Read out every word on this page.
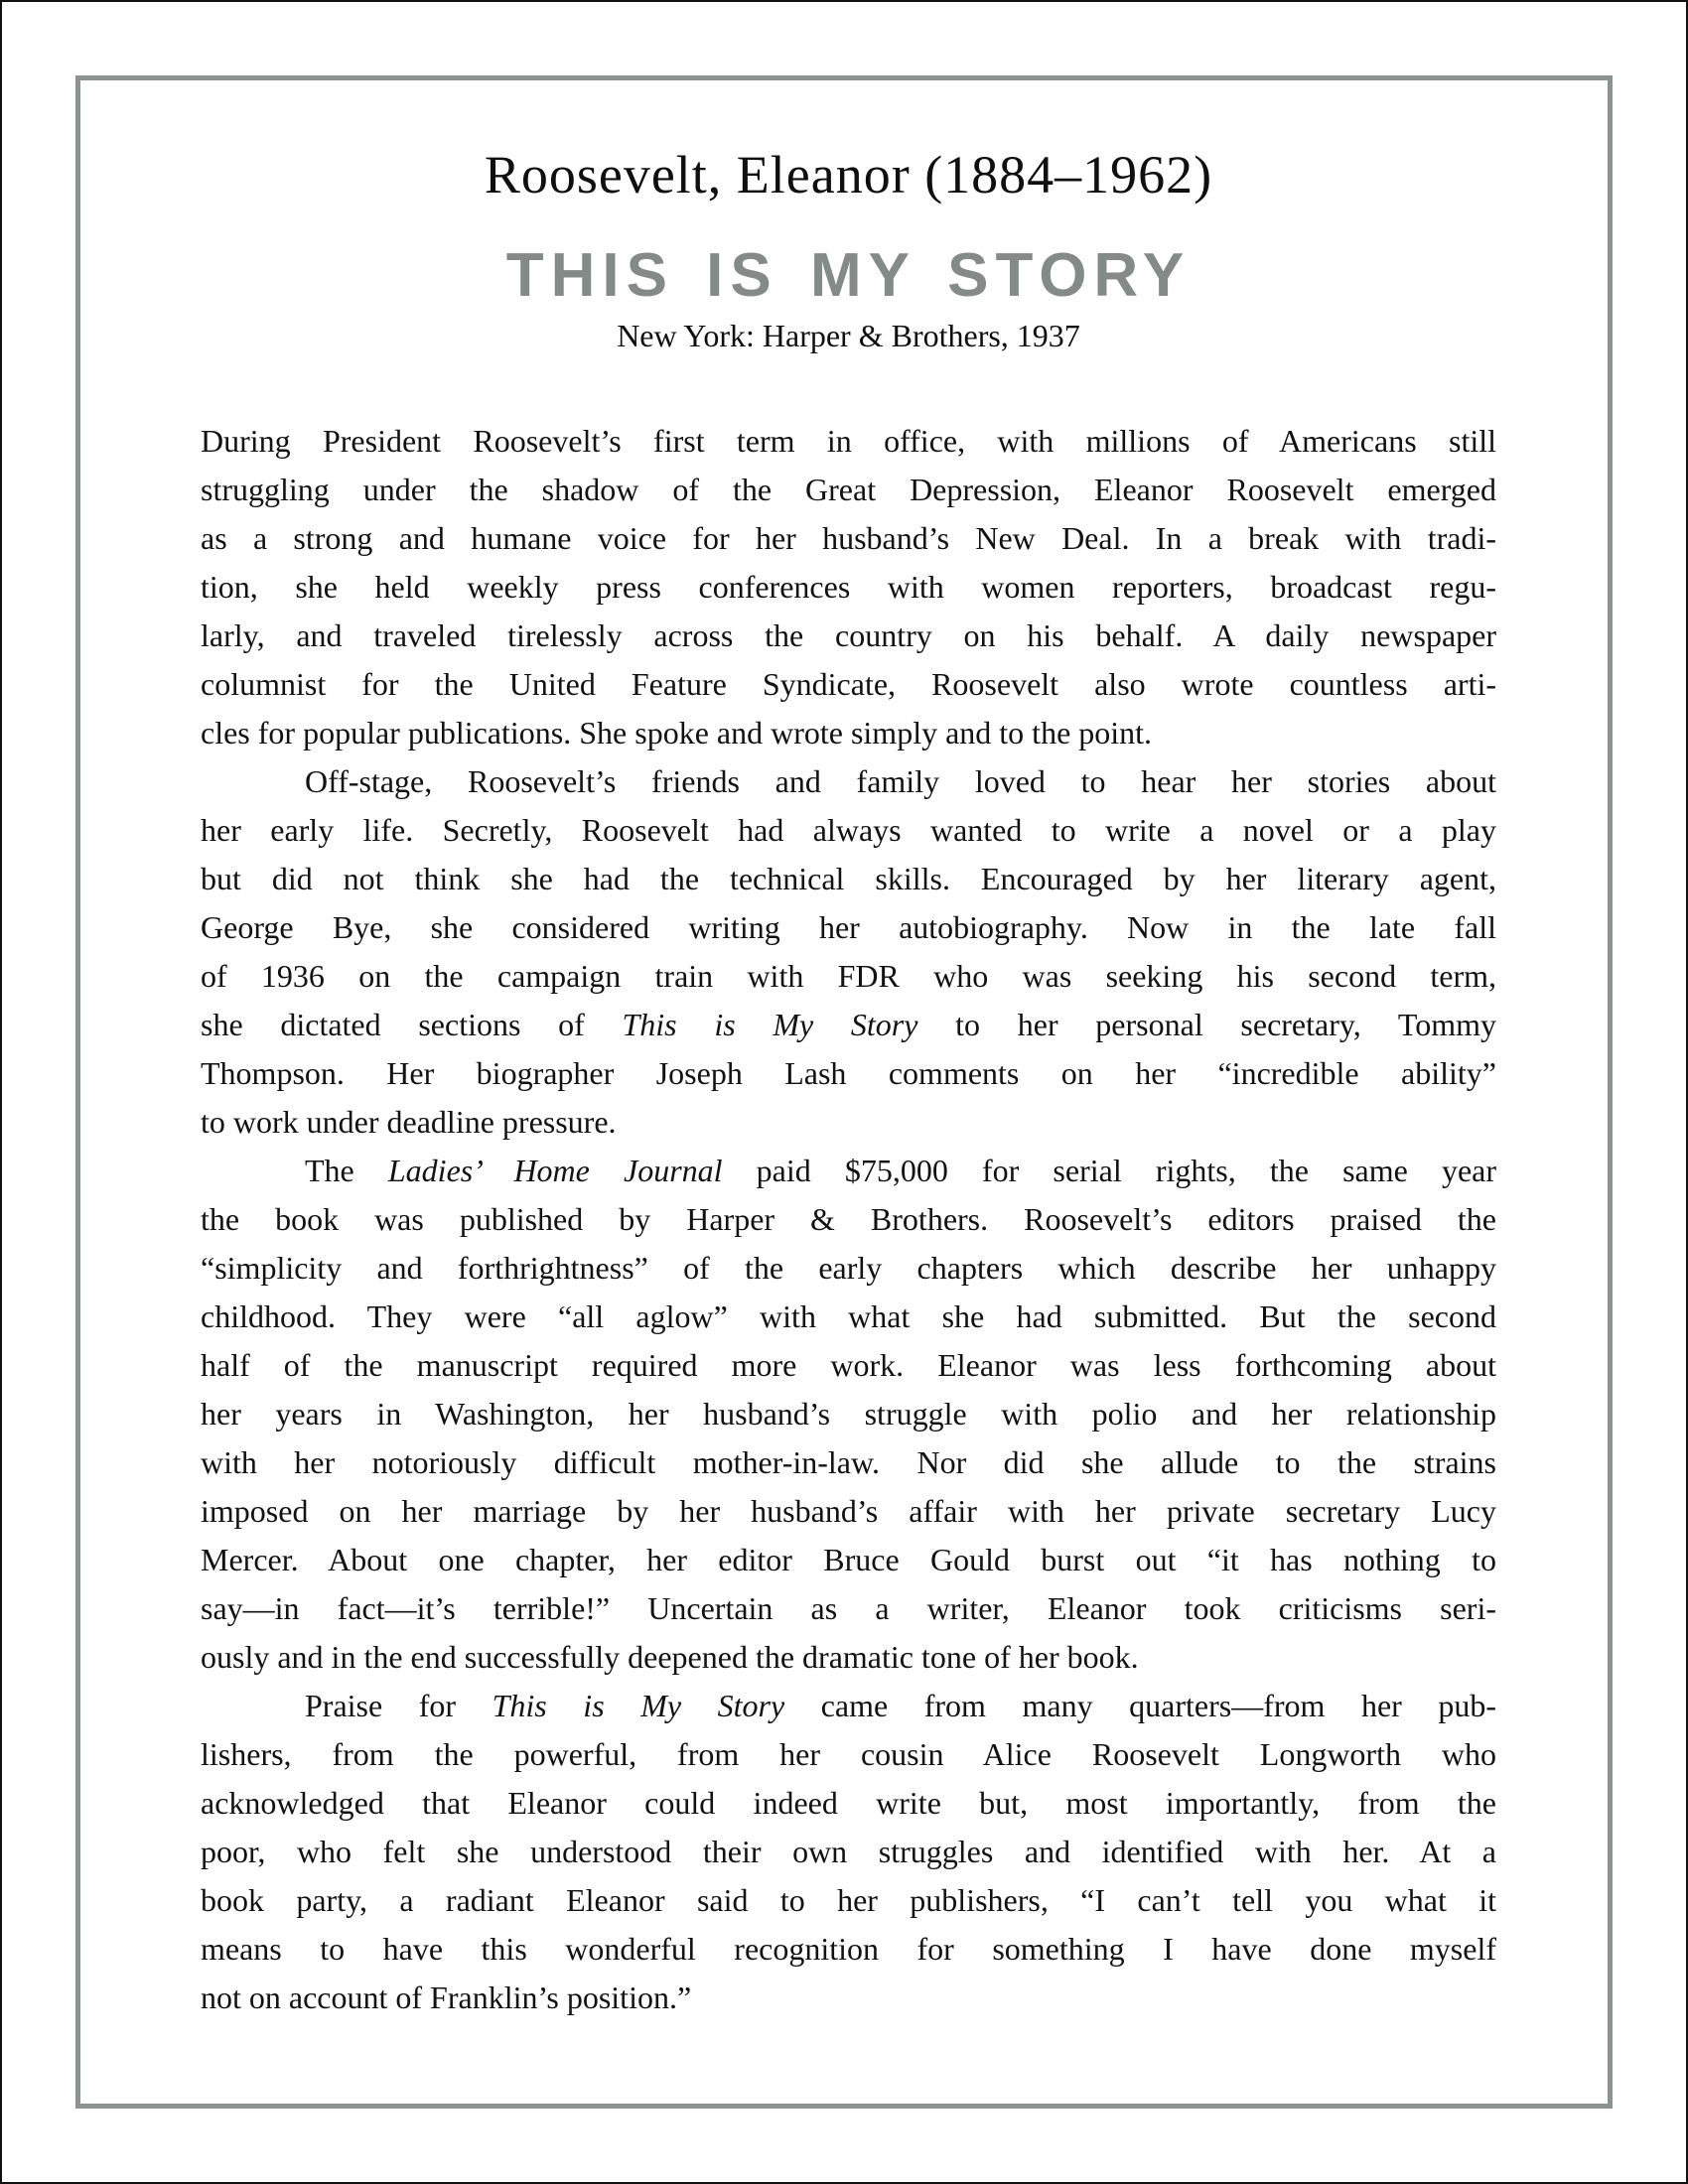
Roosevelt, Eleanor (1884–1962)
THIS IS MY STORY
New York: Harper & Brothers, 1937
During President Roosevelt’s first term in office, with millions of Americans still
struggling under the shadow of the Great Depression, Eleanor Roosevelt emerged
as a strong and humane voice for her husband’s New Deal. In a break with tradi-
tion, she held weekly press conferences with women reporters, broadcast regu-
larly, and traveled tirelessly across the country on his behalf. A daily newspaper
columnist for the United Feature Syndicate, Roosevelt also wrote countless arti-
cles for popular publications. She spoke and wrote simply and to the point.
Off-stage, Roosevelt’s friends and family loved to hear her stories about
her early life. Secretly, Roosevelt had always wanted to write a novel or a play
but did not think she had the technical skills. Encouraged by her literary agent,
George Bye, she considered writing her autobiography. Now in the late fall
of 1936 on the campaign train with FDR who was seeking his second term,
she dictated sections of This is My Story to her personal secretary, Tommy
Thompson. Her biographer Joseph Lash comments on her “incredible ability”
to work under deadline pressure.
The Ladies’ Home Journal paid $75,000 for serial rights, the same year
the book was published by Harper & Brothers. Roosevelt’s editors praised the
“simplicity and forthrightness” of the early chapters which describe her unhappy
childhood. They were “all aglow” with what she had submitted. But the second
half of the manuscript required more work. Eleanor was less forthcoming about
her years in Washington, her husband’s struggle with polio and her relationship
with her notoriously difficult mother-in-law. Nor did she allude to the strains
imposed on her marriage by her husband’s affair with her private secretary Lucy
Mercer. About one chapter, her editor Bruce Gould burst out “it has nothing to
say—in fact—it’s terrible!” Uncertain as a writer, Eleanor took criticisms seri-
ously and in the end successfully deepened the dramatic tone of her book.
Praise for This is My Story came from many quarters—from her pub-
lishers, from the powerful, from her cousin Alice Roosevelt Longworth who
acknowledged that Eleanor could indeed write but, most importantly, from the
poor, who felt she understood their own struggles and identified with her. At a
book party, a radiant Eleanor said to her publishers, “I can’t tell you what it
means to have this wonderful recognition for something I have done myself
not on account of Franklin’s position.”
